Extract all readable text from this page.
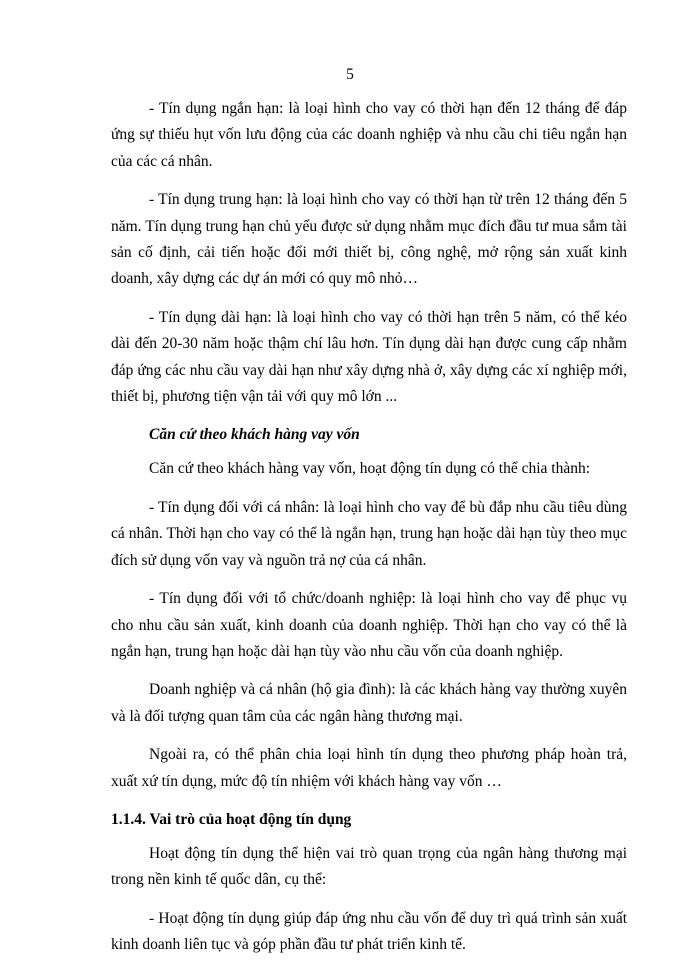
5

- Tín dụng ngắn hạn: là loại hình cho vay có thời hạn đến 12 tháng để đáp ứng sự thiếu hụt vốn lưu động của các doanh nghiệp và nhu cầu chi tiêu ngắn hạn của các cá nhân.

- Tín dụng trung hạn: là loại hình cho vay có thời hạn từ trên 12 tháng đến 5 năm. Tín dụng trung hạn chủ yếu được sử dụng nhằm mục đích đầu tư mua sắm tài sản cố định, cải tiến hoặc đổi mới thiết bị, công nghệ, mở rộng sản xuất kinh doanh, xây dựng các dự án mới có quy mô nhỏ…

- Tín dụng dài hạn: là loại hình cho vay có thời hạn trên 5 năm, có thể kéo dài đến 20-30 năm hoặc thậm chí lâu hơn. Tín dụng dài hạn được cung cấp nhằm đáp ứng các nhu cầu vay dài hạn như xây dựng nhà ở, xây dựng các xí nghiệp mới, thiết bị, phương tiện vận tải với quy mô lớn ...

Căn cứ theo khách hàng vay vốn

Căn cứ theo khách hàng vay vốn, hoạt động tín dụng có thể chia thành:

- Tín dụng đối với cá nhân: là loại hình cho vay để bù đắp nhu cầu tiêu dùng cá nhân. Thời hạn cho vay có thể là ngắn hạn, trung hạn hoặc dài hạn tùy theo mục đích sử dụng vốn vay và nguồn trả nợ của cá nhân.

- Tín dụng đối với tổ chức/doanh nghiệp: là loại hình cho vay để phục vụ cho nhu cầu sản xuất, kinh doanh của doanh nghiệp. Thời hạn cho vay có thể là ngắn hạn, trung hạn hoặc dài hạn tùy vào nhu cầu vốn của doanh nghiệp.

Doanh nghiệp và cá nhân (hộ gia đình): là các khách hàng vay thường xuyên và là đối tượng quan tâm của các ngân hàng thương mại.

Ngoài ra, có thể phân chia loại hình tín dụng theo phương pháp hoàn trả, xuất xứ tín dụng, mức độ tín nhiệm với khách hàng vay vốn …

1.1.4. Vai trò của hoạt động tín dụng

Hoạt động tín dụng thể hiện vai trò quan trọng của ngân hàng thương mại trong nền kinh tế quốc dân, cụ thể:

- Hoạt động tín dụng giúp đáp ứng nhu cầu vốn để duy trì quá trình sản xuất kinh doanh liên tục và góp phần đầu tư phát triển kinh tế.
